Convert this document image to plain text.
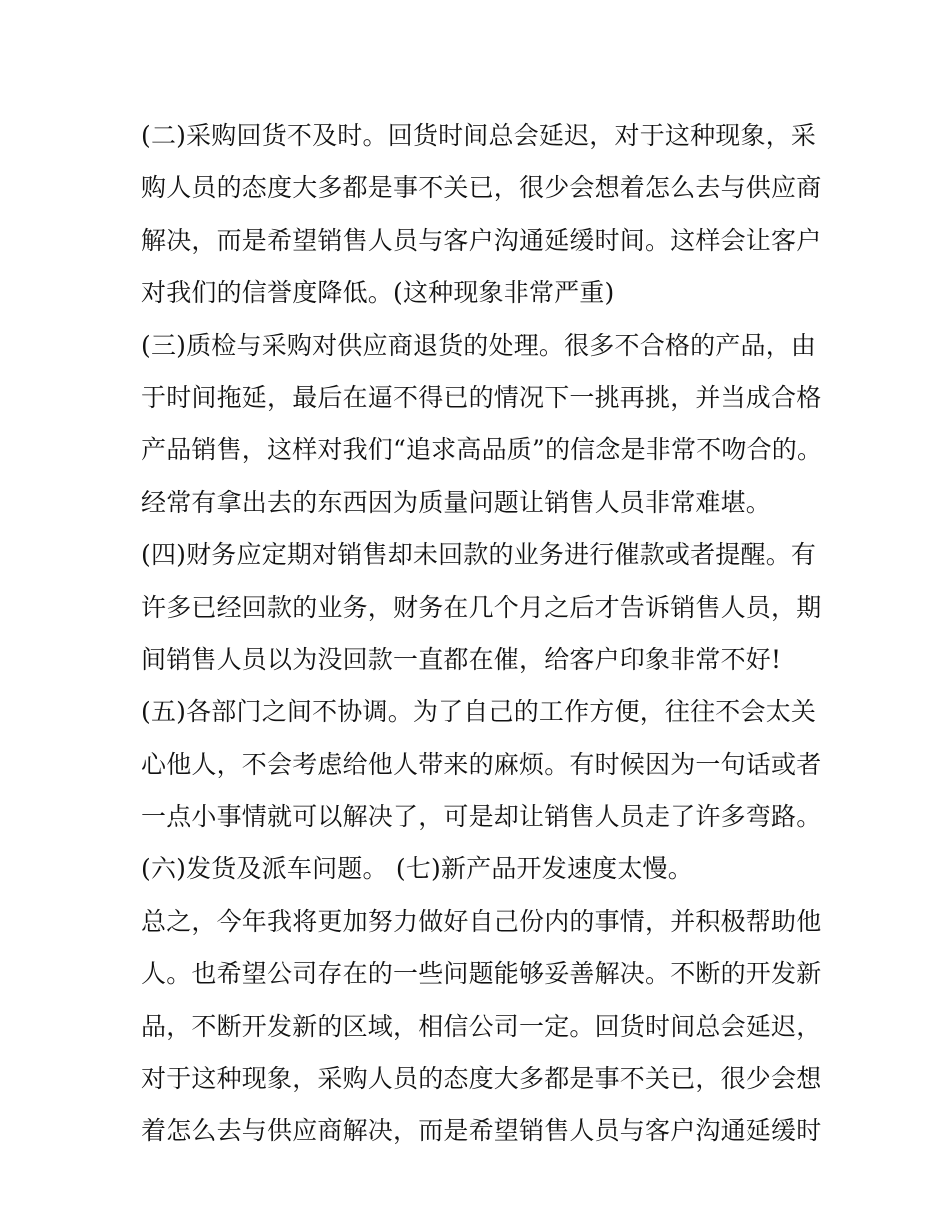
(二)采购回货不及时。回货时间总会延迟，对于这种现象，采
购人员的态度大多都是事不关已，很少会想着怎么去与供应商
解决，而是希望销售人员与客户沟通延缓时间。这样会让客户
对我们的信誉度降低。(这种现象非常严重)
(三)质检与采购对供应商退货的处理。很多不合格的产品，由
于时间拖延，最后在逼不得已的情况下一挑再挑，并当成合格
产品销售，这样对我们“追求高品质”的信念是非常不吻合的。
经常有拿出去的东西因为质量问题让销售人员非常难堪。
(四)财务应定期对销售却未回款的业务进行催款或者提醒。有
许多已经回款的业务，财务在几个月之后才告诉销售人员，期
间销售人员以为没回款一直都在催，给客户印象非常不好!
(五)各部门之间不协调。为了自己的工作方便，往往不会太关
心他人，不会考虑给他人带来的麻烦。有时候因为一句话或者
一点小事情就可以解决了，可是却让销售人员走了许多弯路。
(六)发货及派车问题。 (七)新产品开发速度太慢。
总之，今年我将更加努力做好自己份内的事情，并积极帮助他
人。也希望公司存在的一些问题能够妥善解决。不断的开发新
品，不断开发新的区域，相信公司一定。回货时间总会延迟，
对于这种现象，采购人员的态度大多都是事不关已，很少会想
着怎么去与供应商解决，而是希望销售人员与客户沟通延缓时
